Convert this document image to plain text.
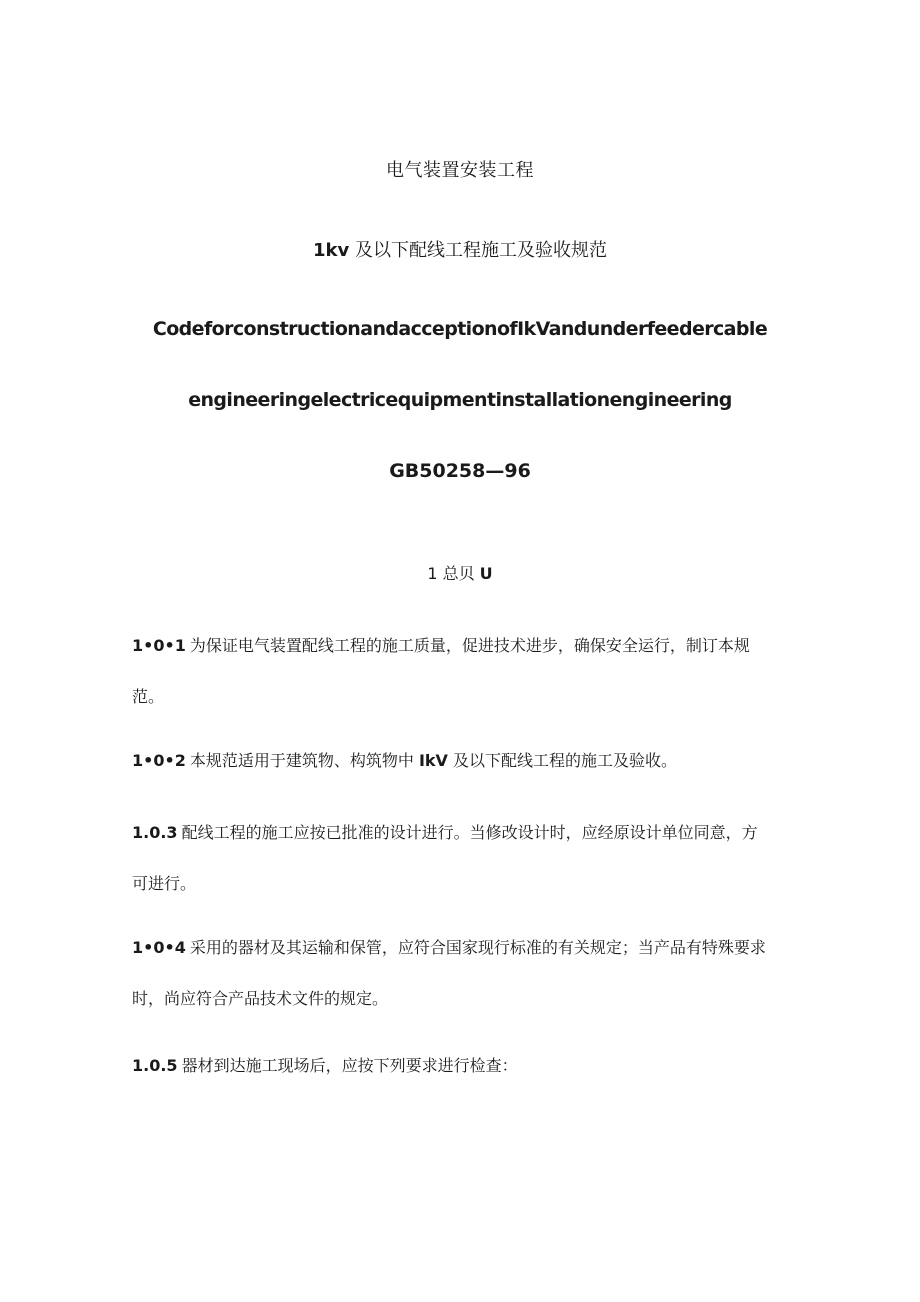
电气装置安装工程
1kv 及以下配线工程施工及验收规范
CodeforconstructionandacceptionofIkVandunderfeedercable
engineeringelectricequipmentinstallationengineering
GB50258—96
1 总贝 U
1•0•1 为保证电气装置配线工程的施工质量，促进技术进步，确保安全运行，制订本规
范。
1•0•2 本规范适用于建筑物、构筑物中 IkV 及以下配线工程的施工及验收。
1.0.3 配线工程的施工应按已批准的设计进行。当修改设计时，应经原设计单位同意，方
可进行。
1•0•4 采用的器材及其运输和保管，应符合国家现行标准的有关规定；当产品有特殊要求
时，尚应符合产品技术文件的规定。
1.0.5 器材到达施工现场后，应按下列要求进行检查：
